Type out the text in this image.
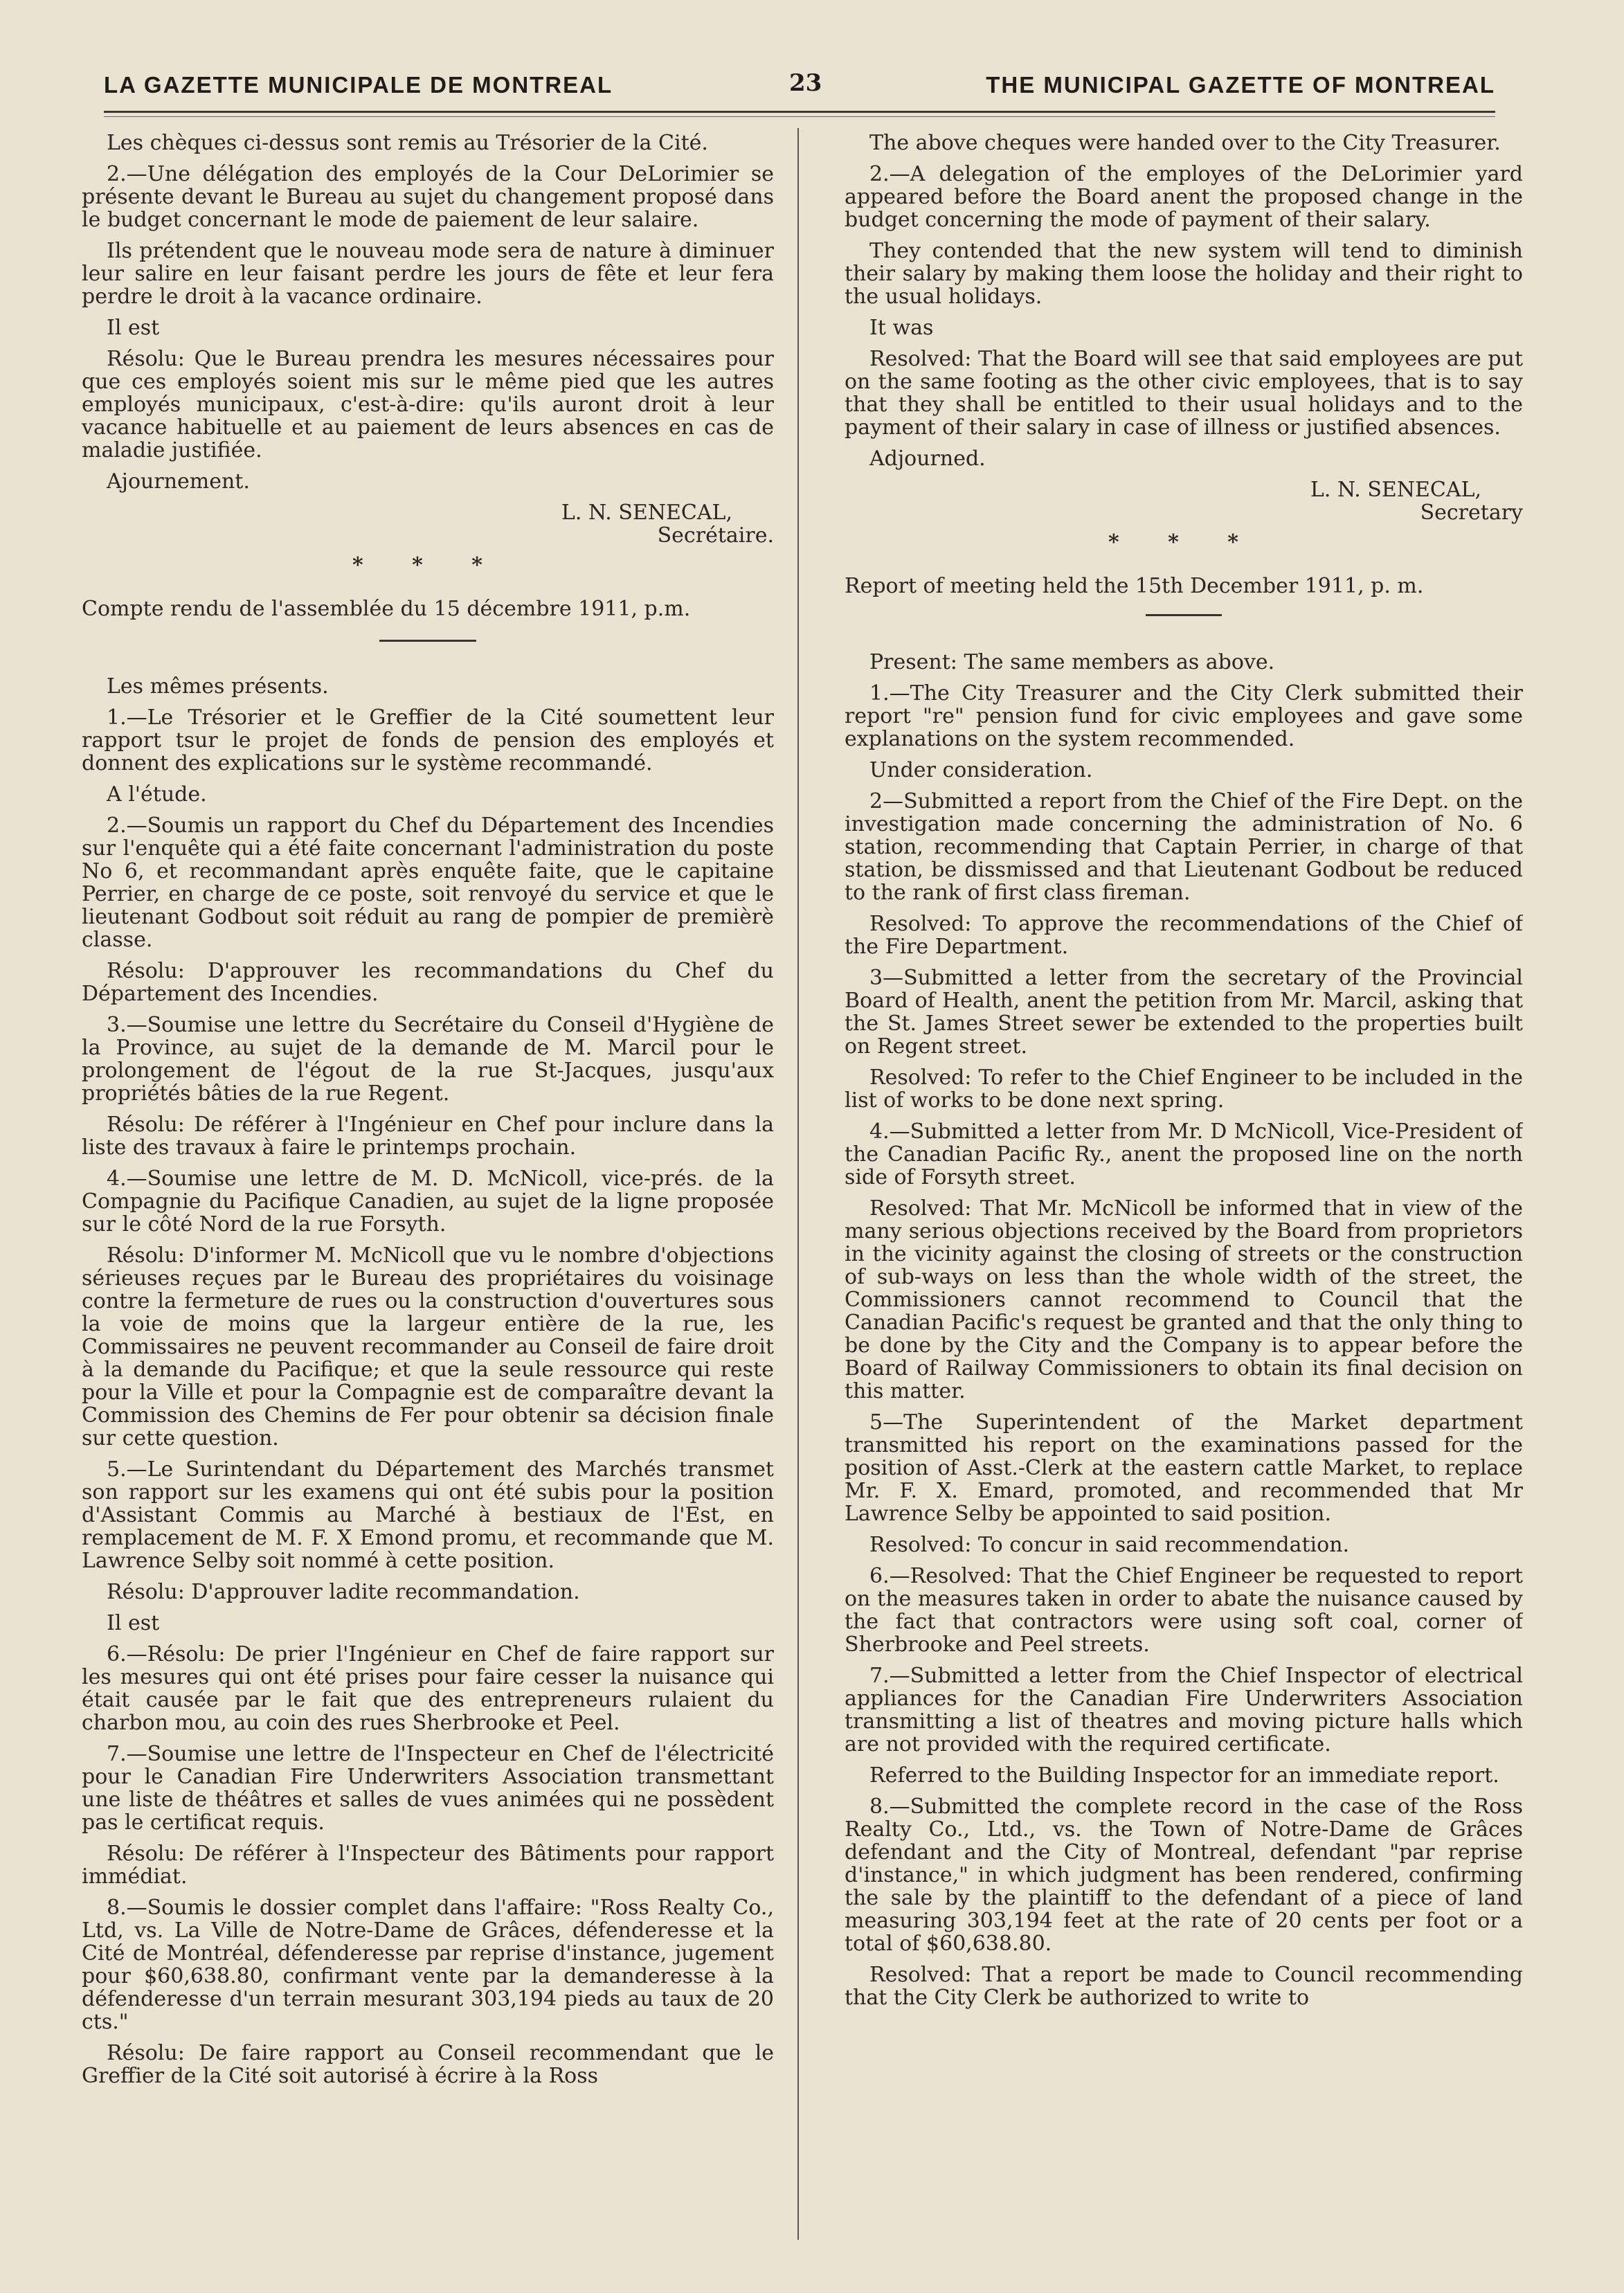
LA GAZETTE MUNICIPALE DE MONTREAL	23	THE MUNICIPAL GAZETTE OF MONTREAL

Les chèques ci-dessus sont remis au Trésorier de la Cité.

2.—Une délégation des employés de la Cour DeLorimier se présente devant le Bureau au sujet du changement proposé dans le budget concernant le mode de paiement de leur salaire.

Ils prétendent que le nouveau mode sera de nature à diminuer leur salire en leur faisant perdre les jours de fête et leur fera perdre le droit à la vacance ordinaire.

Il est

Résolu: Que le Bureau prendra les mesures nécessaires pour que ces employés soient mis sur le même pied que les autres employés municipaux, c'est-à-dire: qu'ils auront droit à leur vacance habituelle et au paiement de leurs absences en cas de maladie justifiée.

Ajournement.

L. N. SENECAL,
Secrétaire.
* * *

Compte rendu de l'assemblée du 15 décembre 1911, p.m.

Les mêmes présents.

1.—Le Trésorier et le Greffier de la Cité soumettent leur rapport tsur le projet de fonds de pension des employés et donnent des explications sur le système recommandé.

A l'étude.

2.—Soumis un rapport du Chef du Département des Incendies sur l'enquête qui a été faite concernant l'administration du poste No 6, et recommandant après enquête faite, que le capitaine Perrier, en charge de ce poste, soit renvoyé du service et que le lieutenant Godbout soit réduit au rang de pompier de premièrè classe.

Résolu: D'approuver les recommandations du Chef du Département des Incendies.

3.—Soumise une lettre du Secrétaire du Conseil d'Hygiène de la Province, au sujet de la demande de M. Marcil pour le prolongement de l'égout de la rue St-Jacques, jusqu'aux propriétés bâties de la rue Regent.

Résolu: De référer à l'Ingénieur en Chef pour inclure dans la liste des travaux à faire le printemps prochain.

4.—Soumise une lettre de M. D. McNicoll, vice-prés. de la Compagnie du Pacifique Canadien, au sujet de la ligne proposée sur le côté Nord de la rue Forsyth.

Résolu: D'informer M. McNicoll que vu le nombre d'objections sérieuses reçues par le Bureau des propriétaires du voisinage contre la fermeture de rues ou la construction d'ouvertures sous la voie de moins que la largeur entière de la rue, les Commissaires ne peuvent recommander au Conseil de faire droit à la demande du Pacifique; et que la seule ressource qui reste pour la Ville et pour la Compagnie est de comparaître devant la Commission des Chemins de Fer pour obtenir sa décision finale sur cette question.

5.—Le Surintendant du Département des Marchés transmet son rapport sur les examens qui ont été subis pour la position d'Assistant Commis au Marché à bestiaux de l'Est, en remplacement de M. F. X Emond promu, et recommande que M. Lawrence Selby soit nommé à cette position.

Résolu: D'approuver ladite recommandation.

Il est

6.—Résolu: De prier l'Ingénieur en Chef de faire rapport sur les mesures qui ont été prises pour faire cesser la nuisance qui était causée par le fait que des entrepreneurs rulaient du charbon mou, au coin des rues Sherbrooke et Peel.

7.—Soumise une lettre de l'Inspecteur en Chef de l'électricité pour le Canadian Fire Underwriters Association transmettant une liste de théâtres et salles de vues animées qui ne possèdent pas le certificat requis.

Résolu: De référer à l'Inspecteur des Bâtiments pour rapport immédiat.

8.—Soumis le dossier complet dans l'affaire: "Ross Realty Co., Ltd, vs. La Ville de Notre-Dame de Grâces, défenderesse et la Cité de Montréal, défenderesse par reprise d'instance, jugement pour $60,638.80, confirmant vente par la demanderesse à la défenderesse d'un terrain mesurant 303,194 pieds au taux de 20 cts."

Résolu: De faire rapport au Conseil recommendant que le Greffier de la Cité soit autorisé à écrire à la Ross

The above cheques were handed over to the City Treasurer.

2.—A delegation of the employes of the DeLorimier yard appeared before the Board anent the proposed change in the budget concerning the mode of payment of their salary.

They contended that the new system will tend to diminish their salary by making them loose the holiday and their right to the usual holidays.

It was

Resolved: That the Board will see that said employees are put on the same footing as the other civic employees, that is to say that they shall be entitled to their usual holidays and to the payment of their salary in case of illness or justified absences.

Adjourned.

L. N. SENECAL,
Secretary
* * *

Report of meeting held the 15th December 1911, p. m.

Present: The same members as above.

1.—The City Treasurer and the City Clerk submitted their report "re" pension fund for civic employees and gave some explanations on the system recommended.

Under consideration.

2—Submitted a report from the Chief of the Fire Dept. on the investigation made concerning the administration of No. 6 station, recommending that Captain Perrier, in charge of that station, be dissmissed and that Lieutenant Godbout be reduced to the rank of first class fireman.

Resolved: To approve the recommendations of the Chief of the Fire Department.

3—Submitted a letter from the secretary of the Provincial Board of Health, anent the petition from Mr. Marcil, asking that the St. James Street sewer be extended to the properties built on Regent street.

Resolved: To refer to the Chief Engineer to be included in the list of works to be done next spring.

4.—Submitted a letter from Mr. D McNicoll, Vice-President of the Canadian Pacific Ry., anent the proposed line on the north side of Forsyth street.

Resolved: That Mr. McNicoll be informed that in view of the many serious objections received by the Board from proprietors in the vicinity against the closing of streets or the construction of sub-ways on less than the whole width of the street, the Commissioners cannot recommend to Council that the Canadian Pacific's request be granted and that the only thing to be done by the City and the Company is to appear before the Board of Railway Commissioners to obtain its final decision on this matter.

5—The Superintendent of the Market department transmitted his report on the examinations passed for the position of Asst.-Clerk at the eastern cattle Market, to replace Mr. F. X. Emard, promoted, and recommended that Mr Lawrence Selby be appointed to said position.

Resolved: To concur in said recommendation.

6.—Resolved: That the Chief Engineer be requested to report on the measures taken in order to abate the nuisance caused by the fact that contractors were using soft coal, corner of Sherbrooke and Peel streets.

7.—Submitted a letter from the Chief Inspector of electrical appliances for the Canadian Fire Underwriters Association transmitting a list of theatres and moving picture halls which are not provided with the required certificate.

Referred to the Building Inspector for an immediate report.

8.—Submitted the complete record in the case of the Ross Realty Co., Ltd., vs. the Town of Notre-Dame de Grâces defendant and the City of Montreal, defendant "par reprise d'instance," in which judgment has been rendered, confirming the sale by the plaintiff to the defendant of a piece of land measuring 303,194 feet at the rate of 20 cents per foot or a total of $60,638.80.

Resolved: That a report be made to Council recommending that the City Clerk be authorized to write to
